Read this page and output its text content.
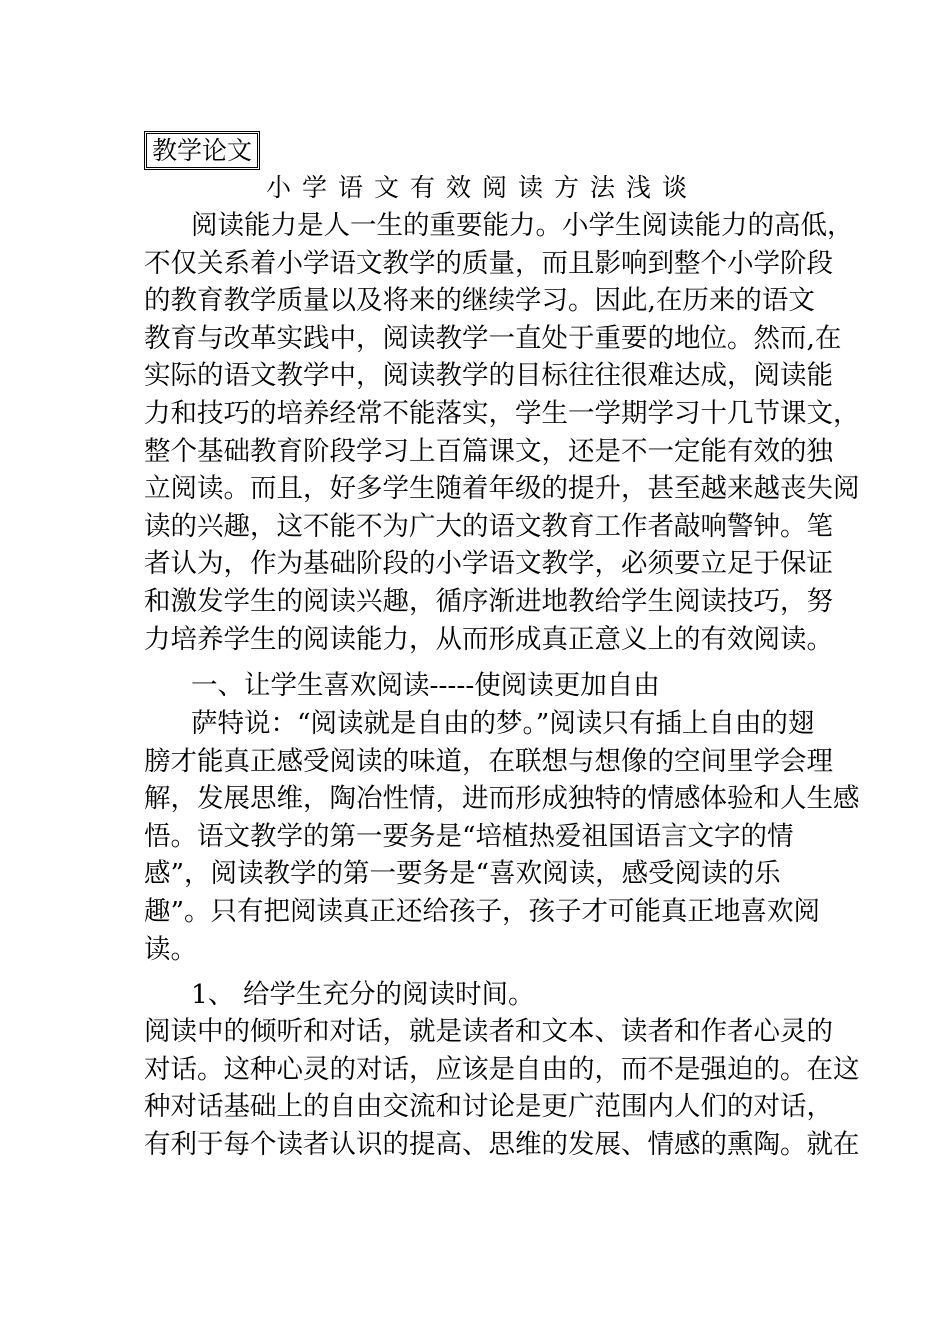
教学论文
小学语文有效阅读方法浅谈
阅读能力是人一生的重要能力。小学生阅读能力的高低，
不仅关系着小学语文教学的质量，而且影响到整个小学阶段
的教育教学质量以及将来的继续学习。因此,在历来的语文
教育与改革实践中，阅读教学一直处于重要的地位。然而,在
实际的语文教学中，阅读教学的目标往往很难达成，阅读能
力和技巧的培养经常不能落实，学生一学期学习十几节课文，
整个基础教育阶段学习上百篇课文，还是不一定能有效的独
立阅读。而且，好多学生随着年级的提升，甚至越来越丧失阅
读的兴趣，这不能不为广大的语文教育工作者敲响警钟。笔
者认为，作为基础阶段的小学语文教学，必须要立足于保证
和激发学生的阅读兴趣，循序渐进地教给学生阅读技巧，努
力培养学生的阅读能力，从而形成真正意义上的有效阅读。
一、让学生喜欢阅读-----使阅读更加自由
萨特说：“阅读就是自由的梦。”阅读只有插上自由的翅
膀才能真正感受阅读的味道，在联想与想像的空间里学会理
解，发展思维，陶冶性情，进而形成独特的情感体验和人生感
悟。语文教学的第一要务是“培植热爱祖国语言文字的情
感”，阅读教学的第一要务是“喜欢阅读，感受阅读的乐
趣”。只有把阅读真正还给孩子，孩子才可能真正地喜欢阅
读。
1、 给学生充分的阅读时间。
阅读中的倾听和对话，就是读者和文本、读者和作者心灵的
对话。这种心灵的对话，应该是自由的，而不是强迫的。在这
种对话基础上的自由交流和讨论是更广范围内人们的对话，
有利于每个读者认识的提高、思维的发展、情感的熏陶。就在
